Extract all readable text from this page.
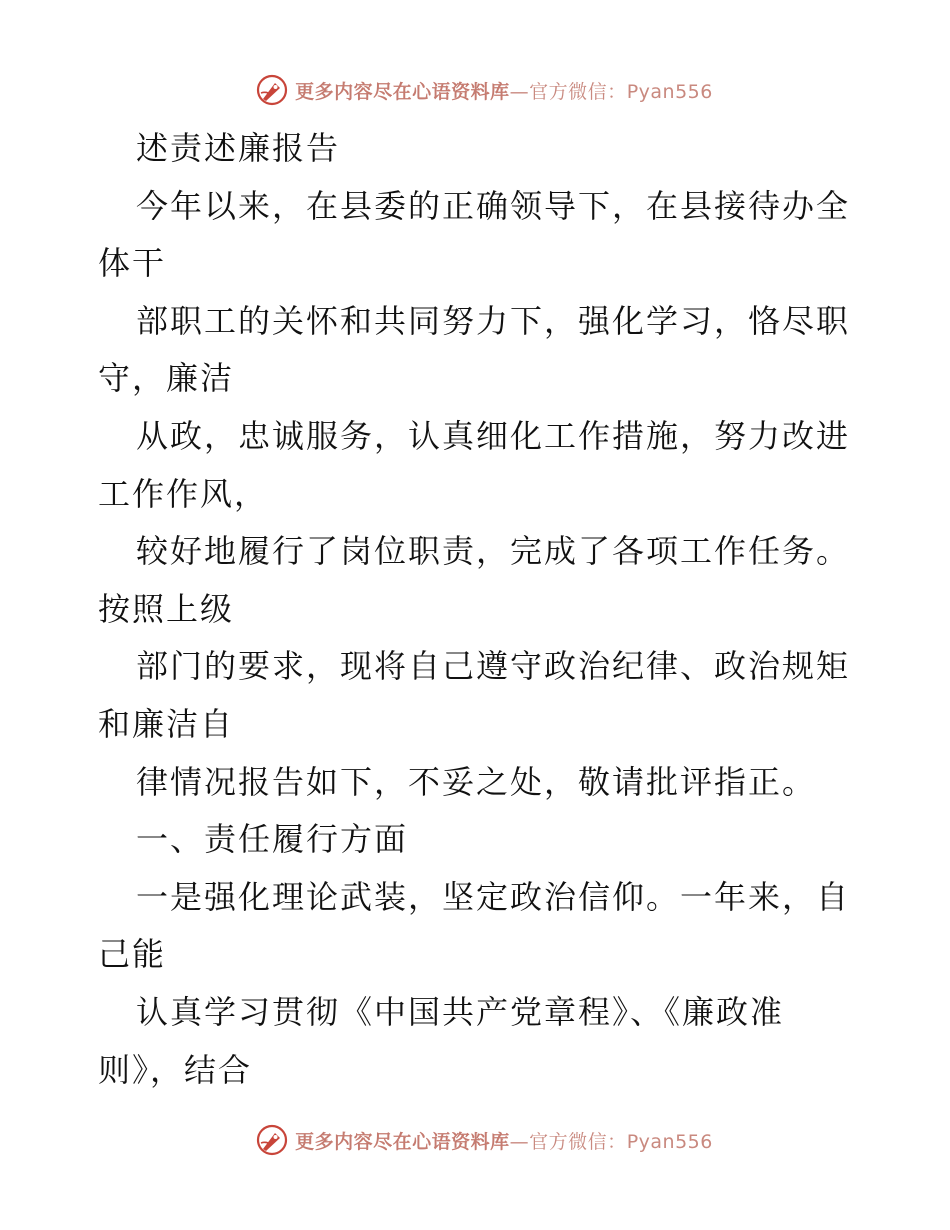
更多内容尽在心语资料库—官方微信：Pyan556
述责述廉报告
今年以来，在县委的正确领导下，在县接待办全
体干
部职工的关怀和共同努力下，强化学习，恪尽职
守，廉洁
从政，忠诚服务，认真细化工作措施，努力改进
工作作风，
较好地履行了岗位职责，完成了各项工作任务。
按照上级
部门的要求，现将自己遵守政治纪律、政治规矩
和廉洁自
律情况报告如下，不妥之处，敬请批评指正。
一、责任履行方面
一是强化理论武装，坚定政治信仰。一年来，自
己能
认真学习贯彻《中国共产党章程》、《廉政准
则》，结合
更多内容尽在心语资料库—官方微信：Pyan556
